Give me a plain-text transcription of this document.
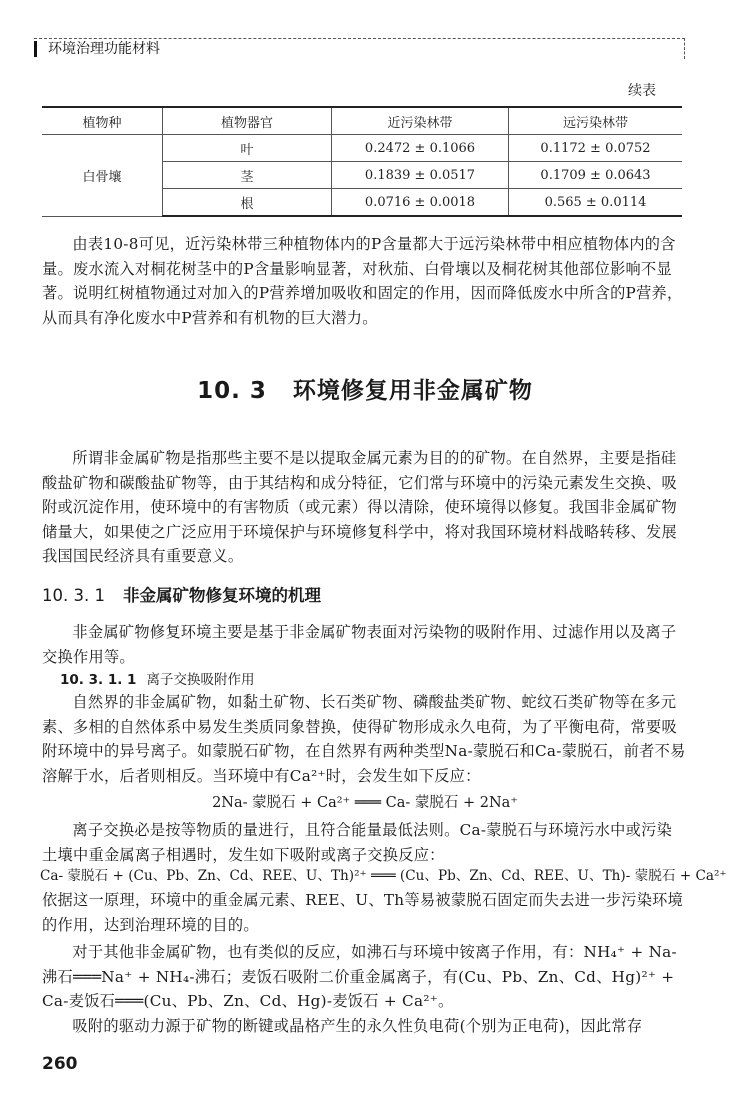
环境治理功能材料
续表
植物种	植物器官	近污染林带	远污染林带
白骨壤	叶	0.2472 ± 0.1066	0.1172 ± 0.0752
	茎	0.1839 ± 0.0517	0.1709 ± 0.0643
	根	0.0716 ± 0.0018	0.565 ± 0.0114

由表10-8可见，近污染林带三种植物体内的P含量都大于远污染林带中相应植物体内的含量。废水流入对桐花树茎中的P含量影响显著，对秋茄、白骨壤以及桐花树其他部位影响不显著。说明红树植物通过对加入的P营养增加吸收和固定的作用，因而降低废水中所含的P营养，从而具有净化废水中P营养和有机物的巨大潜力。

10. 3 环境修复用非金属矿物

所谓非金属矿物是指那些主要不是以提取金属元素为目的的矿物。在自然界，主要是指硅酸盐矿物和碳酸盐矿物等，由于其结构和成分特征，它们常与环境中的污染元素发生交换、吸附或沉淀作用，使环境中的有害物质（或元素）得以清除，使环境得以修复。我国非金属矿物储量大，如果使之广泛应用于环境保护与环境修复科学中，将对我国环境材料战略转移、发展我国国民经济具有重要意义。

10. 3. 1 非金属矿物修复环境的机理

非金属矿物修复环境主要是基于非金属矿物表面对污染物的吸附作用、过滤作用以及离子交换作用等。

10. 3. 1. 1 离子交换吸附作用

自然界的非金属矿物，如黏土矿物、长石类矿物、磷酸盐类矿物、蛇纹石类矿物等在多元素、多相的自然体系中易发生类质同象替换，使得矿物形成永久电荷，为了平衡电荷，常要吸附环境中的异号离子。如蒙脱石矿物，在自然界有两种类型Na-蒙脱石和Ca-蒙脱石，前者不易溶解于水，后者则相反。当环境中有Ca²⁺时，会发生如下反应：

2Na- 蒙脱石 + Ca²⁺ ═══ Ca- 蒙脱石 + 2Na⁺

离子交换必是按等物质的量进行，且符合能量最低法则。Ca-蒙脱石与环境污水中或污染土壤中重金属离子相遇时，发生如下吸附或离子交换反应：

Ca- 蒙脱石 + (Cu、Pb、Zn、Cd、REE、U、Th)²⁺ ═══ (Cu、Pb、Zn、Cd、REE、U、Th)- 蒙脱石 + Ca²⁺

依据这一原理，环境中的重金属元素、REE、U、Th等易被蒙脱石固定而失去进一步污染环境的作用，达到治理环境的目的。

对于其他非金属矿物，也有类似的反应，如沸石与环境中铵离子作用，有：NH₄⁺ + Na-沸石═══Na⁺ + NH₄-沸石；麦饭石吸附二价重金属离子，有(Cu、Pb、Zn、Cd、Hg)²⁺ + Ca-麦饭石═══(Cu、Pb、Zn、Cd、Hg)-麦饭石 + Ca²⁺。

吸附的驱动力源于矿物的断键或晶格产生的永久性负电荷(个别为正电荷)，因此常存

260
